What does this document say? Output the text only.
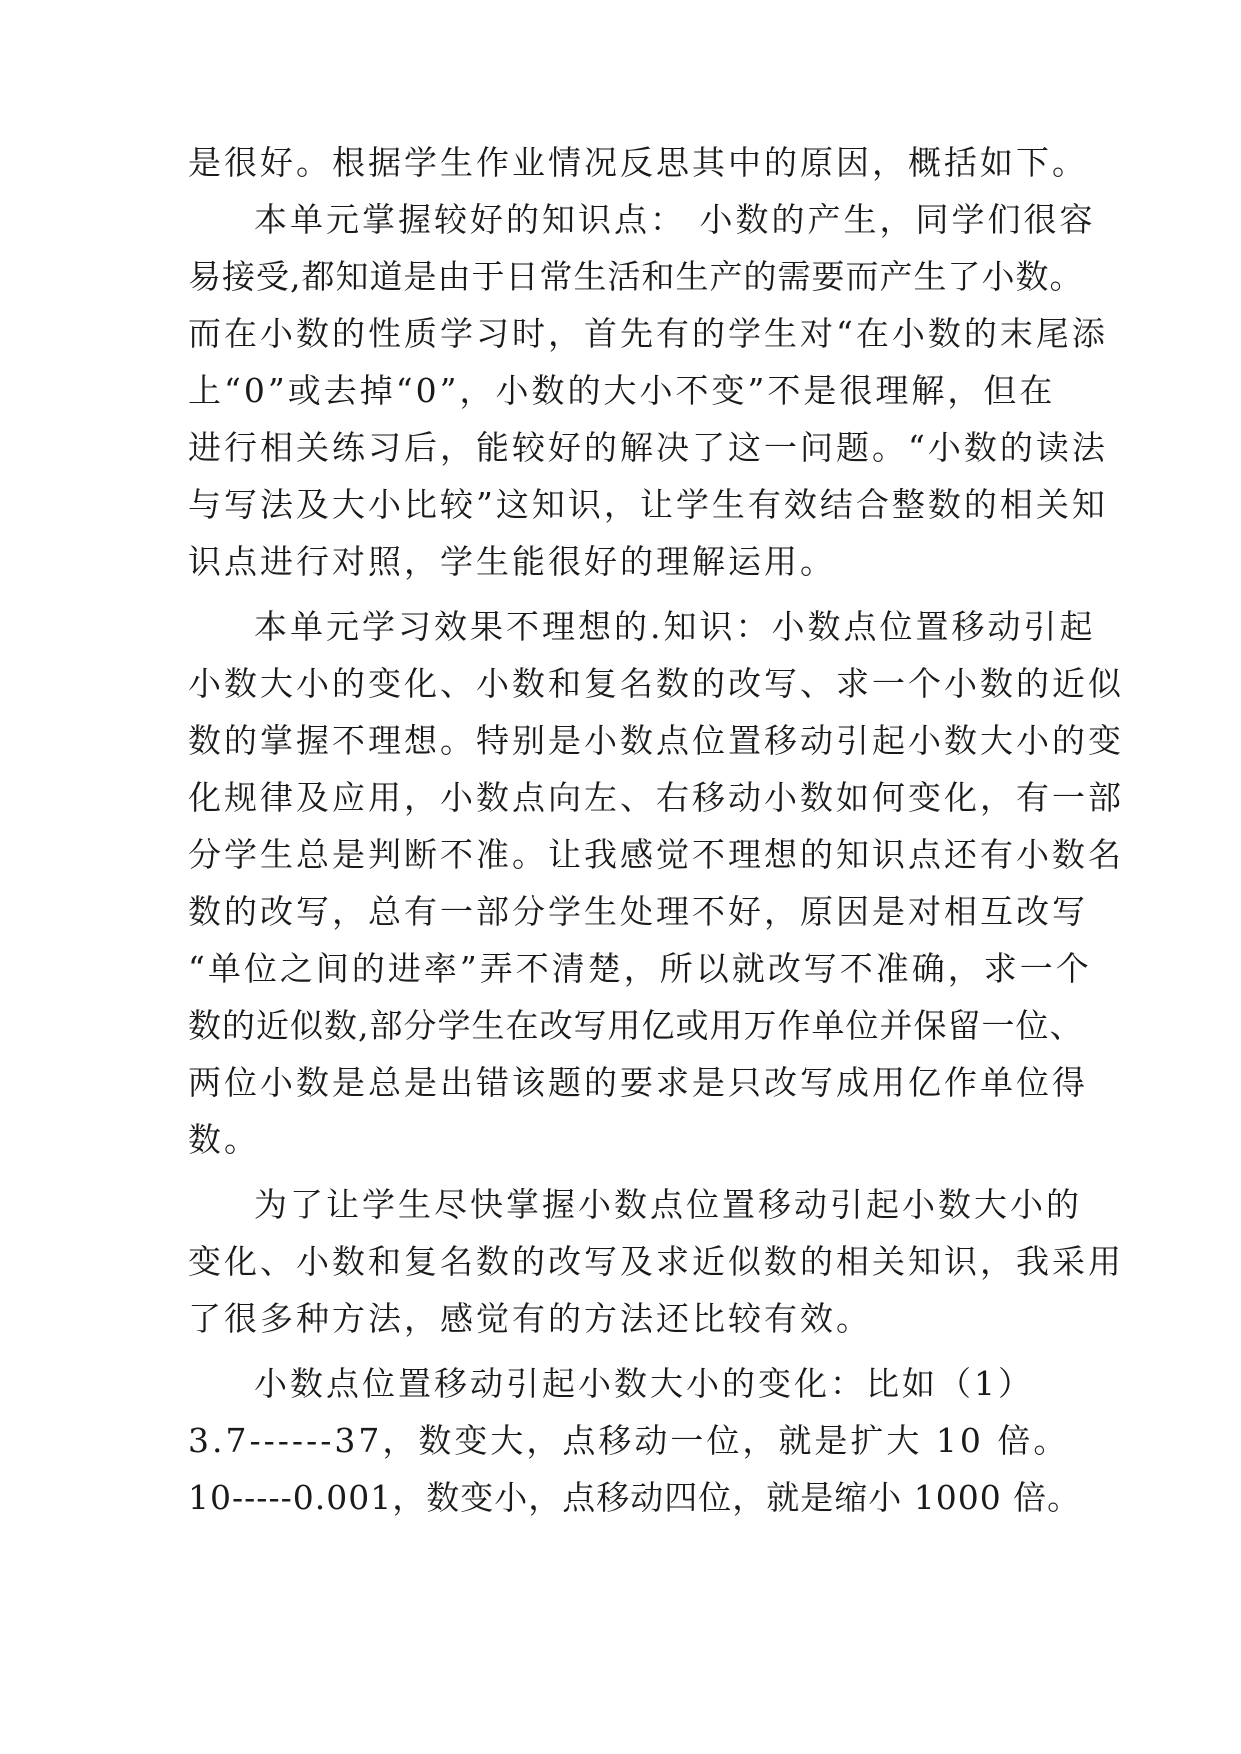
是很好。根据学生作业情况反思其中的原因，概括如下。
本单元掌握较好的知识点： 小数的产生，同学们很容
易接受,都知道是由于日常生活和生产的需要而产生了小数。
而在小数的性质学习时，首先有的学生对“在小数的末尾添
上“0”或去掉“0”，小数的大小不变”不是很理解，但在
进行相关练习后，能较好的解决了这一问题。“小数的读法
与写法及大小比较”这知识，让学生有效结合整数的相关知
识点进行对照，学生能很好的理解运用。
本单元学习效果不理想的.知识：小数点位置移动引起
小数大小的变化、小数和复名数的改写、求一个小数的近似
数的掌握不理想。特别是小数点位置移动引起小数大小的变
化规律及应用，小数点向左、右移动小数如何变化，有一部
分学生总是判断不准。让我感觉不理想的知识点还有小数名
数的改写，总有一部分学生处理不好，原因是对相互改写
“单位之间的进率”弄不清楚，所以就改写不准确，求一个
数的近似数,部分学生在改写用亿或用万作单位并保留一位、
两位小数是总是出错该题的要求是只改写成用亿作单位得
数。
为了让学生尽快掌握小数点位置移动引起小数大小的
变化、小数和复名数的改写及求近似数的相关知识，我采用
了很多种方法，感觉有的方法还比较有效。
小数点位置移动引起小数大小的变化：比如（1）
3.7------37，数变大，点移动一位，就是扩大 10 倍。
10-----0.001，数变小，点移动四位，就是缩小 1000 倍。
